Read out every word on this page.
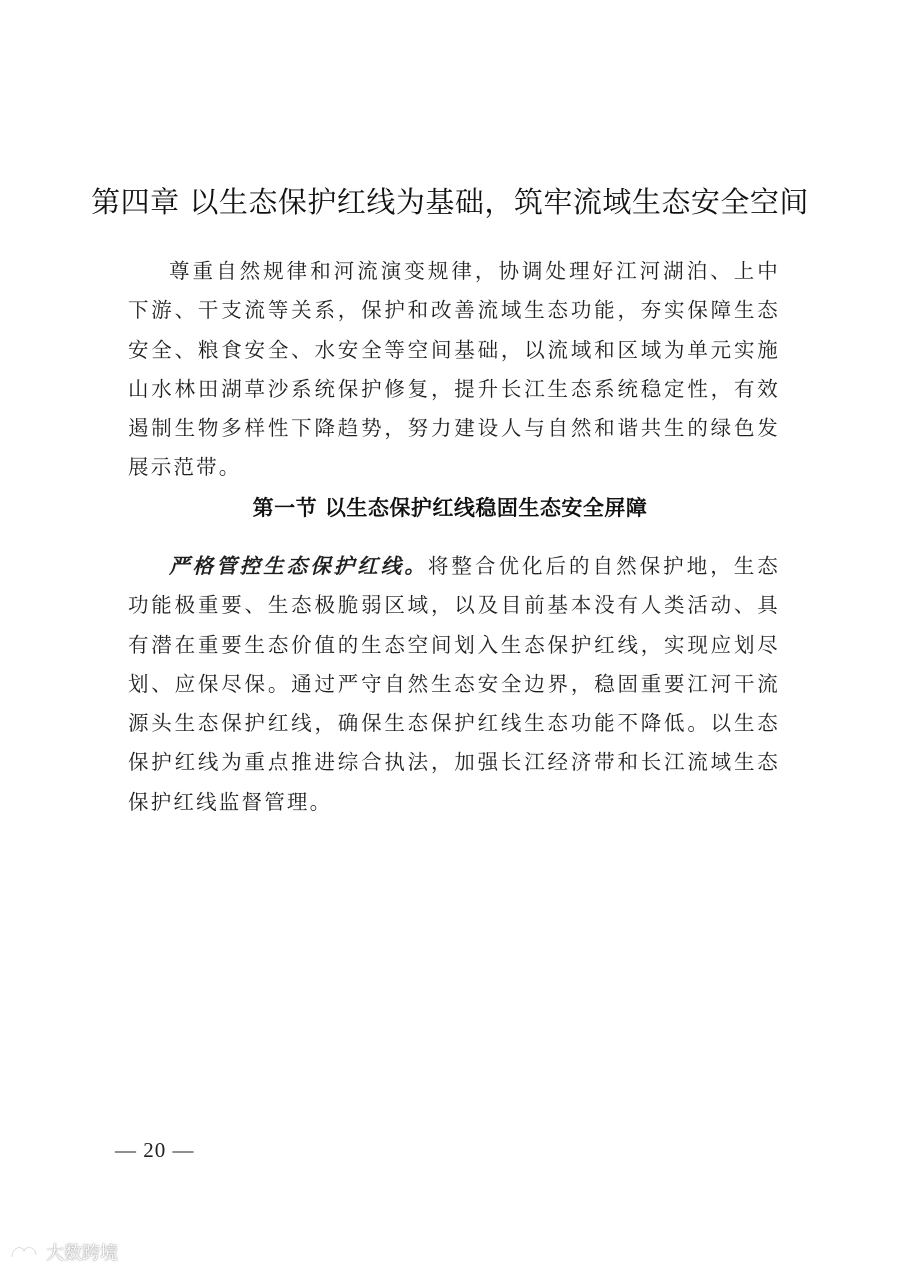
第四章 以生态保护红线为基础，筑牢流域生态安全空间

尊重自然规律和河流演变规律，协调处理好江河湖泊、上中下游、干支流等关系，保护和改善流域生态功能，夯实保障生态安全、粮食安全、水安全等空间基础，以流域和区域为单元实施山水林田湖草沙系统保护修复，提升长江生态系统稳定性，有效遏制生物多样性下降趋势，努力建设人与自然和谐共生的绿色发展示范带。

第一节 以生态保护红线稳固生态安全屏障

严格管控生态保护红线。将整合优化后的自然保护地，生态功能极重要、生态极脆弱区域，以及目前基本没有人类活动、具有潜在重要生态价值的生态空间划入生态保护红线，实现应划尽划、应保尽保。通过严守自然生态安全边界，稳固重要江河干流源头生态保护红线，确保生态保护红线生态功能不降低。以生态保护红线为重点推进综合执法，加强长江经济带和长江流域生态保护红线监督管理。

— 20 —
大数跨境
